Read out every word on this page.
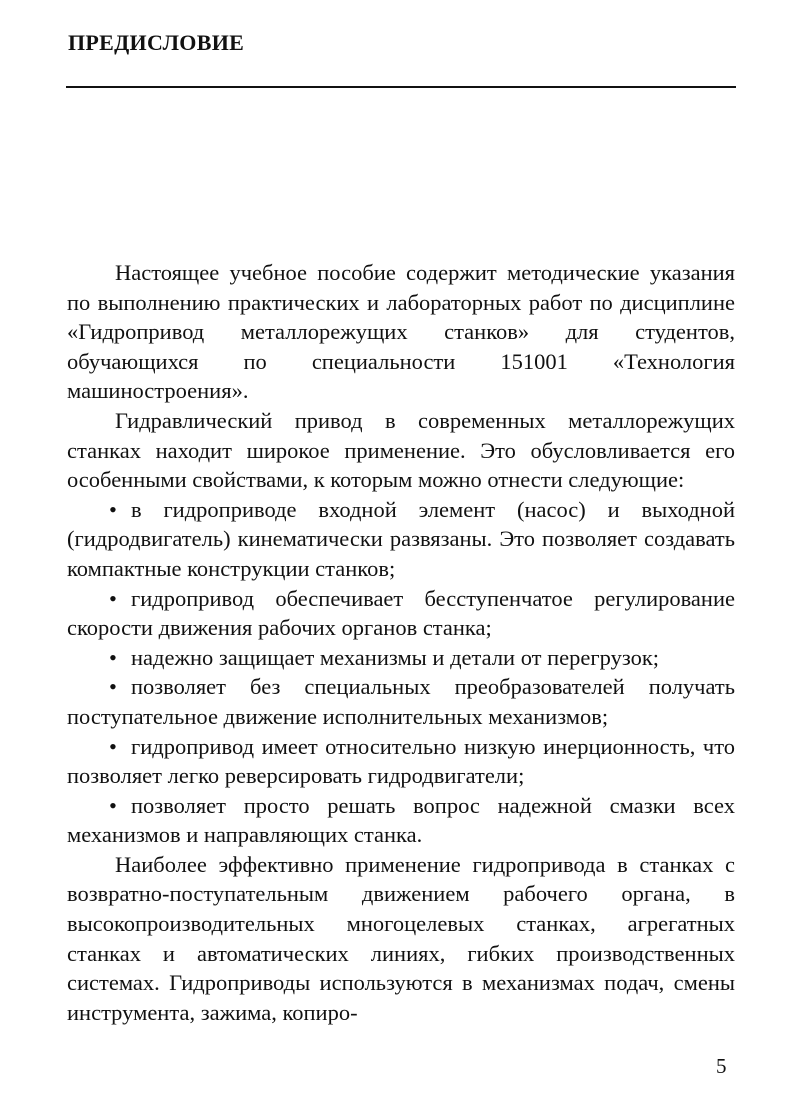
ПРЕДИСЛОВИЕ

Настоящее учебное пособие содержит методические указания по выполнению практических и лабораторных работ по дисциплине «Гидропривод металлорежущих станков» для студентов, обучающихся по специальности 151001 «Технология машиностроения».

Гидравлический привод в современных металлорежущих станках находит широкое применение. Это обусловливается его особенными свойствами, к которым можно отнести следующие:

• в гидроприводе входной элемент (насос) и выходной (гидродвигатель) кинематически развязаны. Это позволяет создавать компактные конструкции станков;
• гидропривод обеспечивает бесступенчатое регулирование скорости движения рабочих органов станка;
• надежно защищает механизмы и детали от перегрузок;
• позволяет без специальных преобразователей получать поступательное движение исполнительных механизмов;
• гидропривод имеет относительно низкую инерционность, что позволяет легко реверсировать гидродвигатели;
• позволяет просто решать вопрос надежной смазки всех механизмов и направляющих станка.

Наиболее эффективно применение гидропривода в станках с возвратно-поступательным движением рабочего органа, в высокопроизводительных многоцелевых станках, агрегатных станках и автоматических линиях, гибких производственных системах. Гидроприводы используются в механизмах подач, смены инструмента, зажима, копиро-

5
